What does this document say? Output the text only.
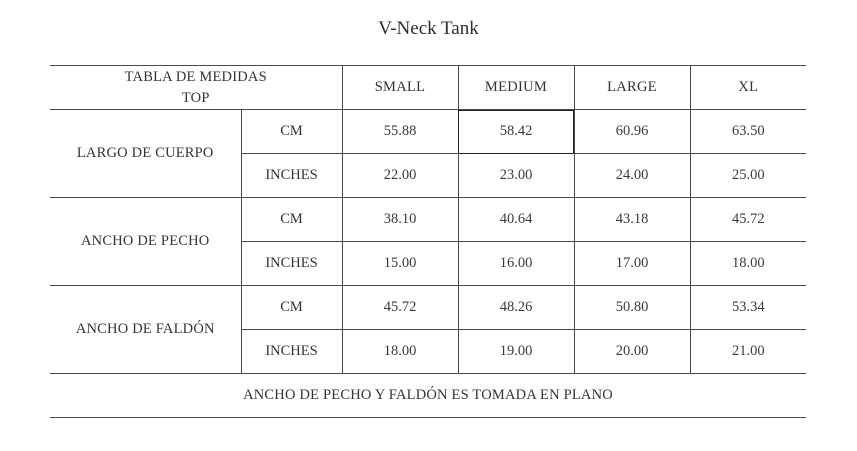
V-Neck Tank
TABLA DE MEDIDAS
TOP		SMALL	MEDIUM	LARGE	XL
LARGO DE CUERPO	CM	55.88	58.42	60.96	63.50
	INCHES	22.00	23.00	24.00	25.00
ANCHO DE PECHO	CM	38.10	40.64	43.18	45.72
	INCHES	15.00	16.00	17.00	18.00
ANCHO DE FALDÓN	CM	45.72	48.26	50.80	53.34
	INCHES	18.00	19.00	20.00	21.00
ANCHO DE PECHO Y FALDÓN ES TOMADA EN PLANO					
